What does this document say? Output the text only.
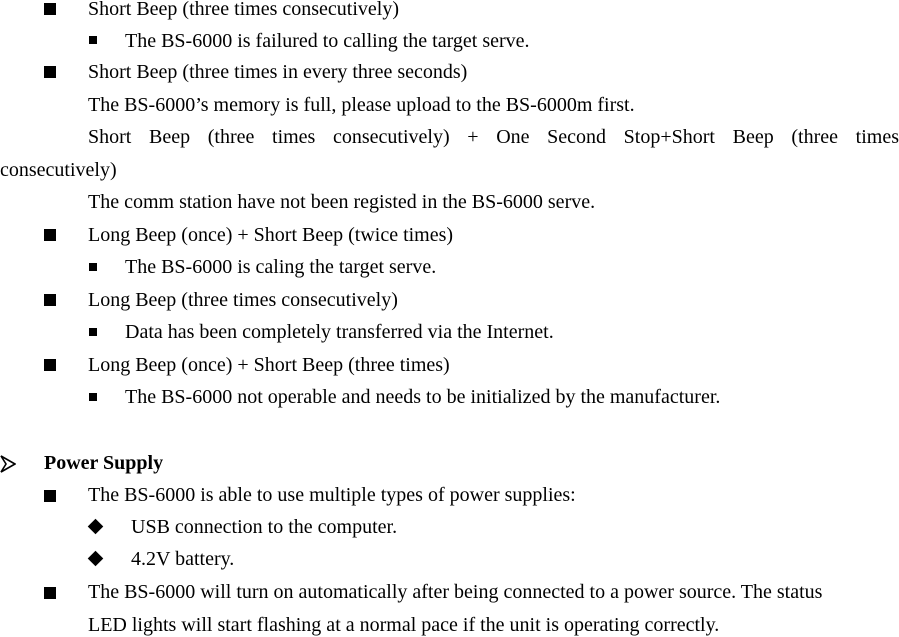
Short Beep (three times consecutively)
The BS-6000 is failured to calling the target serve.
Short Beep (three times in every three seconds)
The BS-6000’s memory is full, please upload to the BS-6000m first.
Short Beep (three times consecutively) + One Second Stop+Short Beep (three times
consecutively)
The comm station have not been registed in the BS-6000 serve.
Long Beep (once) + Short Beep (twice times)
The BS-6000 is caling the target serve.
Long Beep (three times consecutively)
Data has been completely transferred via the Internet.
Long Beep (once) + Short Beep (three times)
The BS-6000 not operable and needs to be initialized by the manufacturer.
Power Supply
The BS-6000 is able to use multiple types of power supplies:
USB connection to the computer.
4.2V battery.
The BS-6000 will turn on automatically after being connected to a power source. The status
LED lights will start flashing at a normal pace if the unit is operating correctly.
